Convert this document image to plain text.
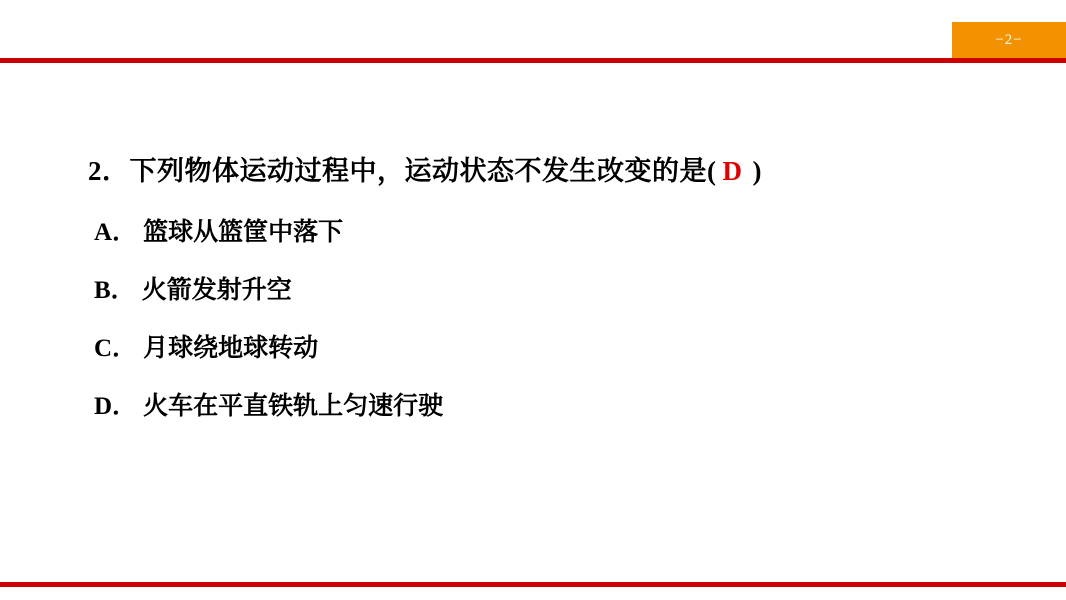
−2−
2．下列物体运动过程中，运动状态不发生改变的是( D )
A． 篮球从篮筐中落下
B． 火箭发射升空
C． 月球绕地球转动
D． 火车在平直铁轨上匀速行驶
